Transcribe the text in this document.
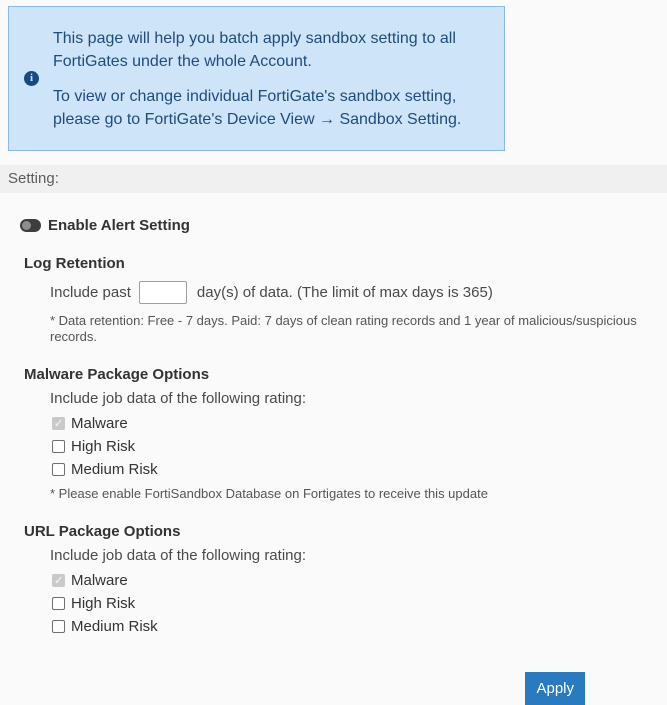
i

This page will help you batch apply sandbox setting to all FortiGates under the whole Account.

To view or change individual FortiGate's sandbox setting, please go to FortiGate's Device View → Sandbox Setting.

Setting:
Enable Alert Setting
Log Retention
Include past	day(s) of data. (The limit of max days is 365)
* Data retention: Free - 7 days. Paid: 7 days of clean rating records and 1 year of malicious/suspicious records.
Malware Package Options
Include job data of the following rating:
✓
Malware
High Risk
Medium Risk
* Please enable FortiSandbox Database on Fortigates to receive this update
URL Package Options
Include job data of the following rating:
✓
Malware
High Risk
Medium Risk
Apply
